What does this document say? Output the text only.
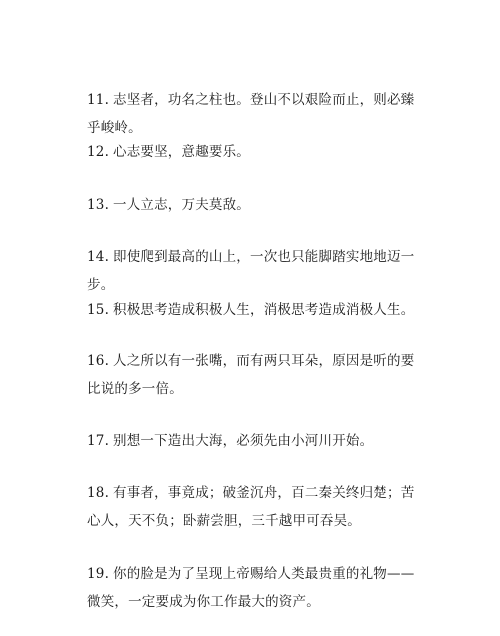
11. 志坚者，功名之柱也。登山不以艰险而止，则必臻乎峻岭。
12. 心志要坚，意趣要乐。
13. 一人立志，万夫莫敌。
14. 即使爬到最高的山上，一次也只能脚踏实地地迈一步。
15. 积极思考造成积极人生，消极思考造成消极人生。
16. 人之所以有一张嘴，而有两只耳朵，原因是听的要比说的多一倍。
17. 别想一下造出大海，必须先由小河川开始。
18. 有事者，事竟成；破釜沉舟，百二秦关终归楚；苦心人，天不负；卧薪尝胆，三千越甲可吞吴。
19. 你的脸是为了呈现上帝赐给人类最贵重的礼物——微笑，一定要成为你工作最大的资产。
